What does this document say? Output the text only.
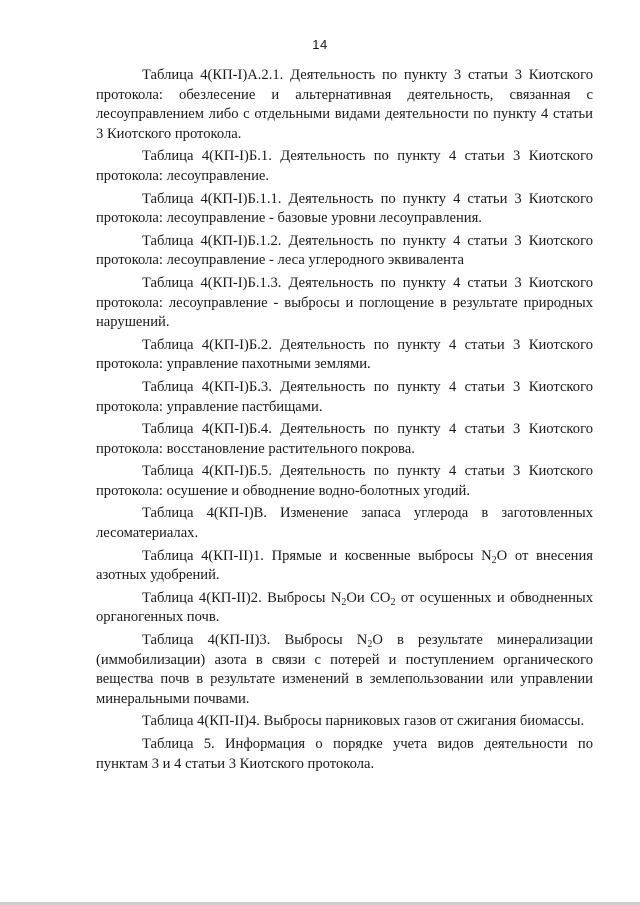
14

Таблица 4(КП-I)А.2.1. Деятельность по пункту 3 статьи 3 Киотского протокола: обезлесение и альтернативная деятельность, связанная с лесоуправлением либо с отдельными видами деятельности по пункту 4 статьи 3 Киотского протокола.

Таблица 4(КП-I)Б.1. Деятельность по пункту 4 статьи 3 Киотского протокола: лесоуправление.

Таблица 4(КП-I)Б.1.1. Деятельность по пункту 4 статьи 3 Киотского протокола: лесоуправление - базовые уровни лесоуправления.

Таблица 4(КП-I)Б.1.2. Деятельность по пункту 4 статьи 3 Киотского протокола: лесоуправление - леса углеродного эквивалента

Таблица 4(КП-I)Б.1.3. Деятельность по пункту 4 статьи 3 Киотского протокола: лесоуправление - выбросы и поглощение в результате природных нарушений.

Таблица 4(КП-I)Б.2. Деятельность по пункту 4 статьи 3 Киотского протокола: управление пахотными землями.

Таблица 4(КП-I)Б.3. Деятельность по пункту 4 статьи 3 Киотского протокола: управление пастбищами.

Таблица 4(КП-I)Б.4. Деятельность по пункту 4 статьи 3 Киотского протокола: восстановление растительного покрова.

Таблица 4(КП-I)Б.5. Деятельность по пункту 4 статьи 3 Киотского протокола: осушение и обводнение водно-болотных угодий.

Таблица 4(КП-I)В. Изменение запаса углерода в заготовленных лесоматериалах.

Таблица 4(КП-II)1. Прямые и косвенные выбросы $N_2O$ от внесения азотных удобрений.

Таблица 4(КП-II)2. Выбросы $N_2Oи$ $CO_2$ от осушенных и обводненных органогенных почв.

Таблица 4(КП-II)3. Выбросы $N_2O$ в результате минерализации (иммобилизации) азота в связи с потерей и поступлением органического вещества почв в результате изменений в землепользовании или управлении минеральными почвами.

Таблица 4(КП-II)4. Выбросы парниковых газов от сжигания биомассы.

Таблица 5. Информация о порядке учета видов деятельности по пунктам 3 и 4 статьи 3 Киотского протокола.
